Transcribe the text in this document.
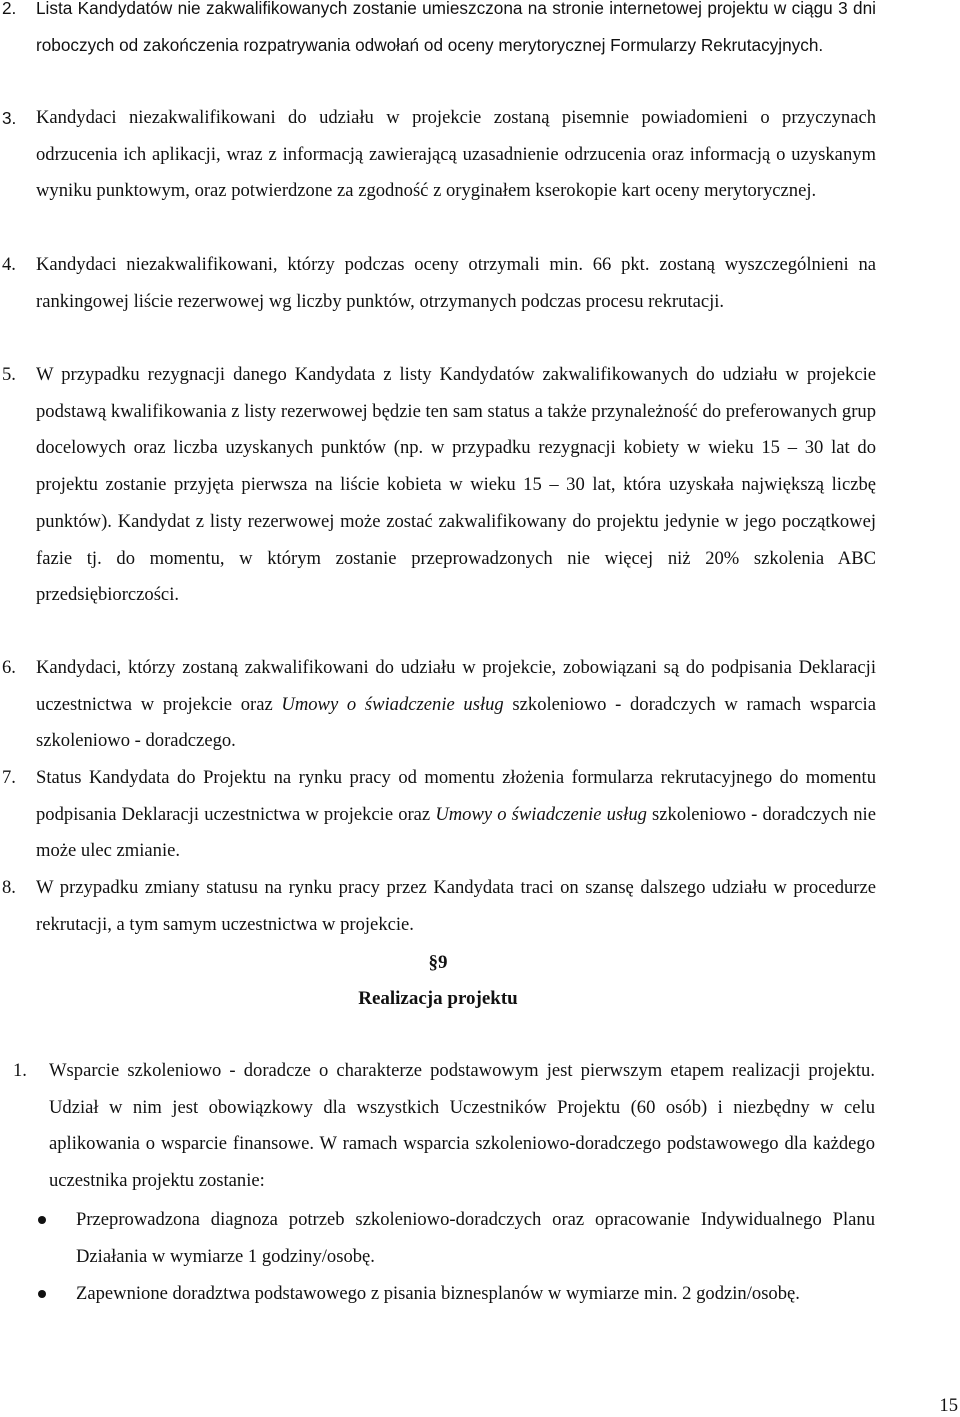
2. Lista Kandydatów nie zakwalifikowanych zostanie umieszczona na stronie internetowej projektu w ciągu 3 dni roboczych od zakończenia rozpatrywania odwołań od oceny merytorycznej Formularzy Rekrutacyjnych.
3. Kandydaci niezakwalifikowani do udziału w projekcie zostaną pisemnie powiadomieni o przyczynach odrzucenia ich aplikacji, wraz z informacją zawierającą uzasadnienie odrzucenia oraz informacją o uzyskanym wyniku punktowym, oraz potwierdzone za zgodność z oryginałem kserokopie kart oceny merytorycznej.
4. Kandydaci niezakwalifikowani, którzy podczas oceny otrzymali min. 66 pkt. zostaną wyszczególnieni na rankingowej liście rezerwowej wg liczby punktów, otrzymanych podczas procesu rekrutacji.
5. W przypadku rezygnacji danego Kandydata z listy Kandydatów zakwalifikowanych do udziału w projekcie podstawą kwalifikowania z listy rezerwowej będzie ten sam status a także przynależność do preferowanych grup docelowych oraz liczba uzyskanych punktów (np. w przypadku rezygnacji kobiety w wieku 15 – 30 lat do projektu zostanie przyjęta pierwsza na liście kobieta w wieku 15 – 30 lat, która uzyskała największą liczbę punktów). Kandydat z listy rezerwowej może zostać zakwalifikowany do projektu jedynie w jego początkowej fazie tj. do momentu, w którym zostanie przeprowadzonych nie więcej niż 20% szkolenia ABC przedsiębiorczości.
6. Kandydaci, którzy zostaną zakwalifikowani do udziału w projekcie, zobowiązani są do podpisania Deklaracji uczestnictwa w projekcie oraz Umowy o świadczenie usług szkoleniowo - doradczych w ramach wsparcia szkoleniowo - doradczego.
7. Status Kandydata do Projektu na rynku pracy od momentu złożenia formularza rekrutacyjnego do momentu podpisania Deklaracji uczestnictwa w projekcie oraz Umowy o świadczenie usług szkoleniowo - doradczych nie może ulec zmianie.
8. W przypadku zmiany statusu na rynku pracy przez Kandydata traci on szansę dalszego udziału w procedurze rekrutacji, a tym samym uczestnictwa w projekcie.
§9
Realizacja projektu
1. Wsparcie szkoleniowo - doradcze o charakterze podstawowym jest pierwszym etapem realizacji projektu. Udział w nim jest obowiązkowy dla wszystkich Uczestników Projektu (60 osób) i niezbędny w celu aplikowania o wsparcie finansowe. W ramach wsparcia szkoleniowo-doradczego podstawowego dla każdego uczestnika projektu zostanie:
Przeprowadzona diagnoza potrzeb szkoleniowo-doradczych oraz opracowanie Indywidualnego Planu Działania w wymiarze 1 godziny/osobę.
Zapewnione doradztwa podstawowego z pisania biznesplanów w wymiarze min. 2 godzin/osobę.
15
